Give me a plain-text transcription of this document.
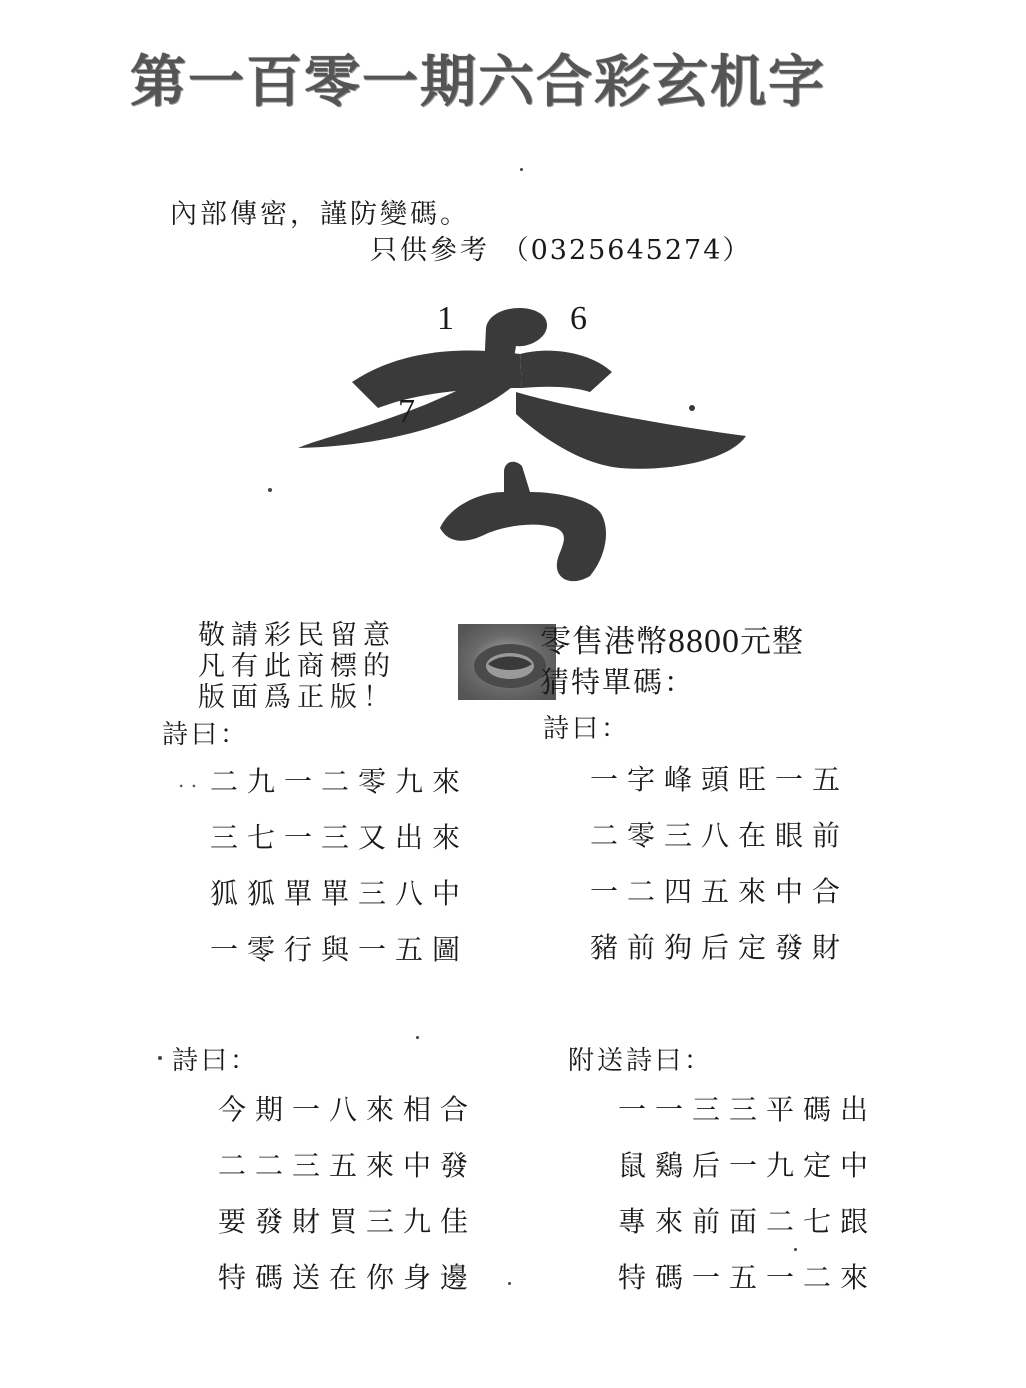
第一百零一期六合彩玄机字
內部傳密，謹防變碼。
只供參考 （0325645274）
1	6
7
敬請彩民留意
凡有此商標的
版面爲正版！
零售港幣8800元整
猜特單碼：
詩曰：
. . 二九一二零九來
三七一三又出來
狐狐單單三八中
一零行與一五圖
詩曰：
一字峰頭旺一五
二零三八在眼前
一二四五來中合
豬前狗后定發財
詩曰：
今期一八來相合
二二三五來中發
要發財買三九佳
特碼送在你身邊
附送詩曰：
一一三三平碼出
鼠鷄后一九定中
專來前面二七跟
特碼一五一二來
